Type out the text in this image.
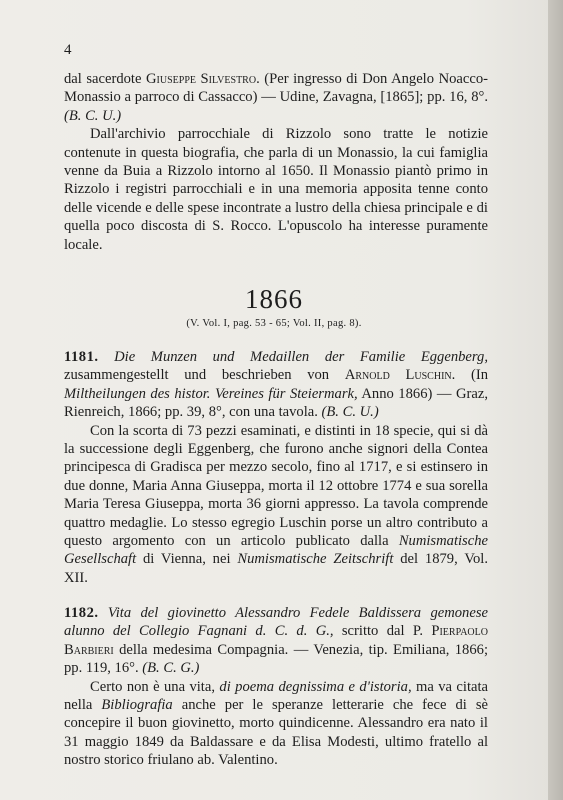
4

dal sacerdote Giuseppe Silvestro. (Per ingresso di Don Angelo Noacco-Monassio a parroco di Cassacco) — Udine, Zavagna, [1865]; pp. 16, 8°. (B. C. U.)

Dall'archivio parrocchiale di Rizzolo sono tratte le notizie contenute in questa biografia, che parla di un Monassio, la cui famiglia venne da Buia a Rizzolo intorno al 1650. Il Monassio piantò primo in Rizzolo i registri parrocchiali e in una memoria apposita tenne conto delle vicende e delle spese incontrate a lustro della chiesa principale e di quella poco discosta di S. Rocco. L'opuscolo ha interesse puramente locale.

1866
(V. Vol. I, pag. 53 - 65; Vol. II, pag. 8).

1181. Die Munzen und Medaillen der Familie Eggenberg, zusammengestellt und beschrieben von Arnold Luschin. (In Miltheilungen des histor. Vereines für Steiermark, Anno 1866) — Graz, Rienreich, 1866; pp. 39, 8°, con una tavola. (B. C. U.)

Con la scorta di 73 pezzi esaminati, e distinti in 18 specie, qui si dà la successione degli Eggenberg, che furono anche signori della Contea principesca di Gradisca per mezzo secolo, fino al 1717, e si estinsero in due donne, Maria Anna Giuseppa, morta il 12 ottobre 1774 e sua sorella Maria Teresa Giuseppa, morta 36 giorni appresso. La tavola comprende quattro medaglie. Lo stesso egregio Luschin porse un altro contributo a questo argomento con un articolo publicato dalla Numismatische Gesellschaft di Vienna, nei Numismatische Zeitschrift del 1879, Vol. XII.

1182. Vita del giovinetto Alessandro Fedele Baldissera gemonese alunno del Collegio Fagnani d. C. d. G., scritto dal P. Pierpaolo Barbieri della medesima Compagnia. — Venezia, tip. Emiliana, 1866; pp. 119, 16°. (B. C. G.)

Certo non è una vita, di poema degnissima e d'istoria, ma va citata nella Bibliografia anche per le speranze letterarie che fece di sè concepire il buon giovinetto, morto quindicenne. Alessandro era nato il 31 maggio 1849 da Baldassare e da Elisa Modesti, ultimo fratello al nostro storico friulano ab. Valentino.
